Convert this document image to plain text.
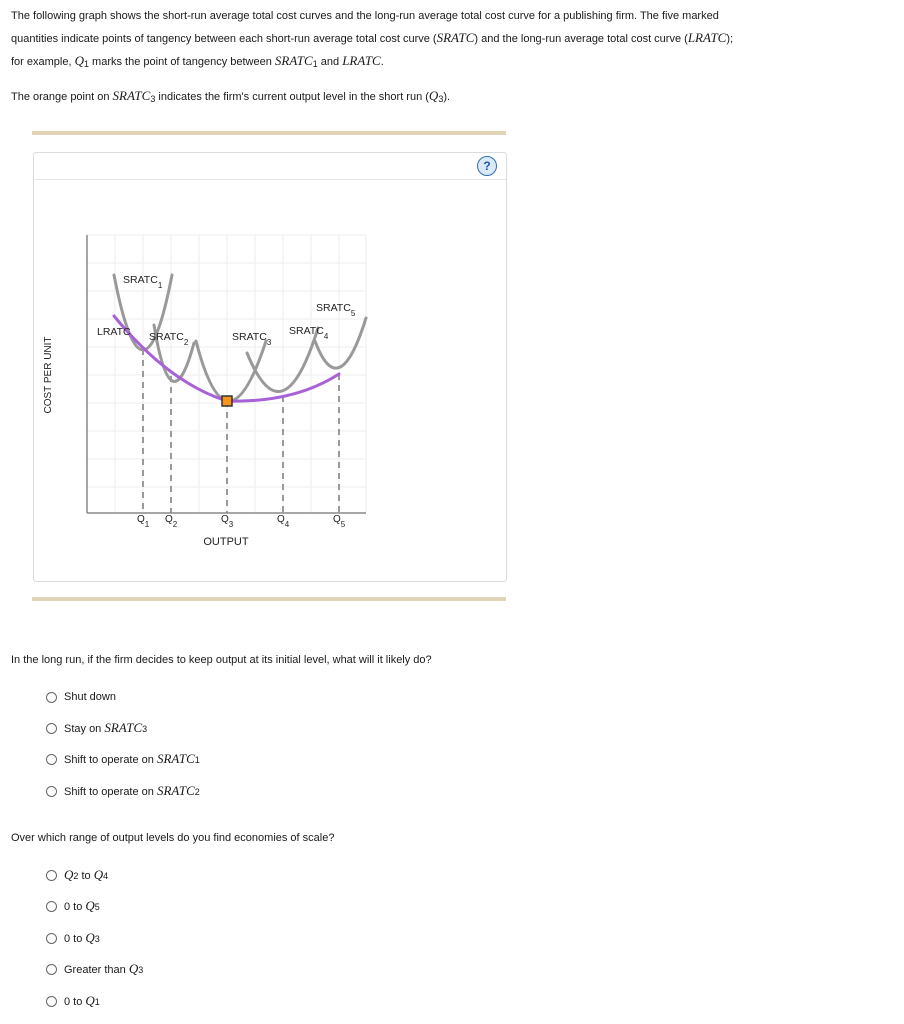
The following graph shows the short-run average total cost curves and the long-run average total cost curve for a publishing firm. The five marked

quantities indicate points of tangency between each short-run average total cost curve (SRATC) and the long-run average total cost curve (LRATC);

for example, $Q_1$ marks the point of tangency between $SRATC_1$ and LRATC.

The orange point on $SRATC_3$ indicates the firm's current output level in the short run $(Q_3)$.

?
$SRATC_1$
LRATC $SRATC_2$	$SRATC_3$
$SRATC_4$
$SRATC_5$
$Q_1$ $Q_2$	$Q_3$	$Q_4$	$Q_5$
OUTPUT
COST PER UNIT
In the long run, if the firm decides to keep output at its initial level, what will it likely do?
Shut down
Stay on SRATC 3
Shift to operate on SRATC 1
Shift to operate on SRATC 2
Over which range of output levels do you find economies of scale?
Q 2 to Q 4
0 to Q 5
0 to Q 3
Greater than Q 3
0 to Q 1
